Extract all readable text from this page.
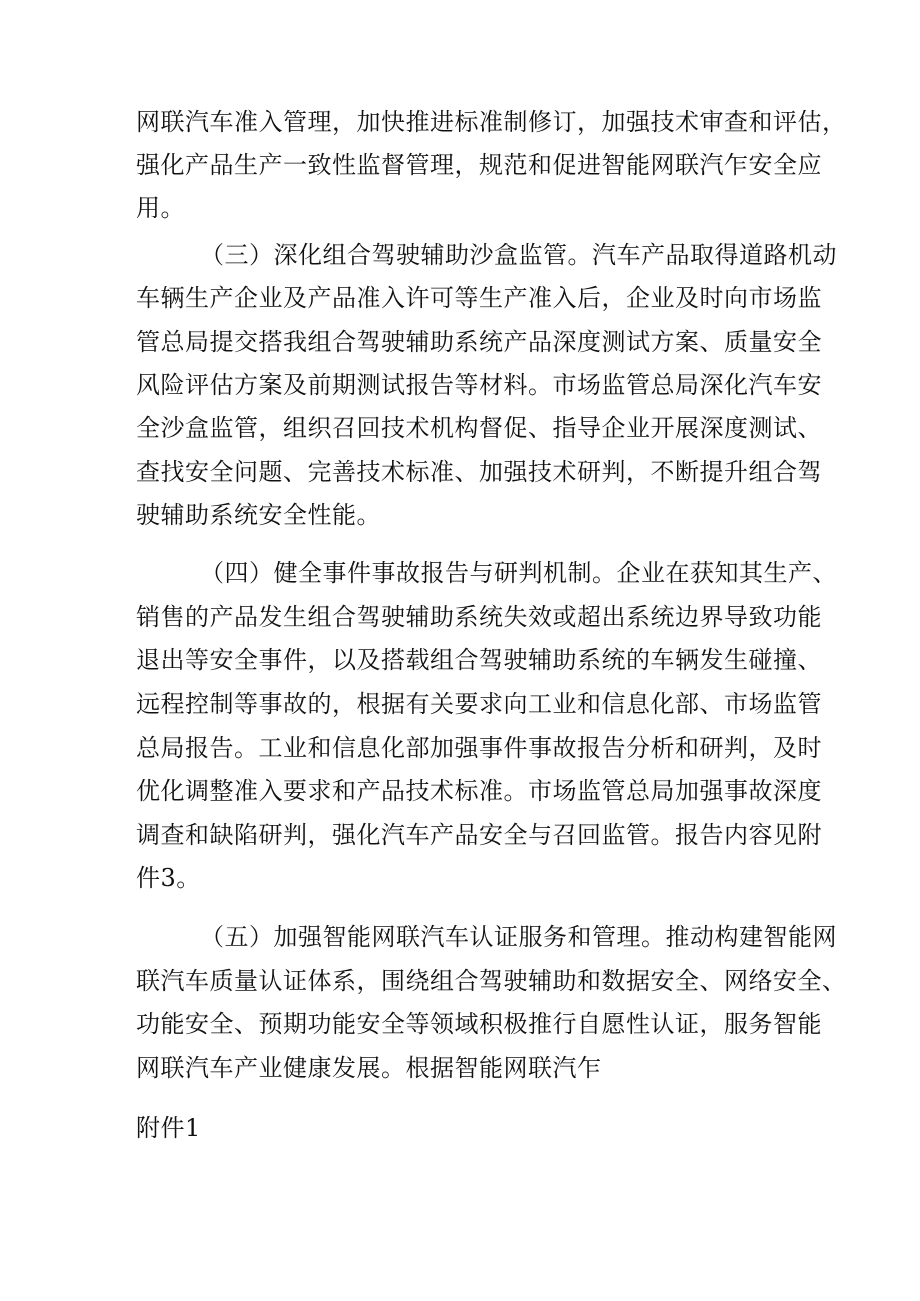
网联汽车准入管理，加快推进标准制修订，加强技术审查和评估，
强化产品生产一致性监督管理，规范和促进智能网联汽乍安全应
用。
（三）深化组合驾驶辅助沙盒监管。汽车产品取得道路机动
车辆生产企业及产品准入许可等生产准入后，企业及时向市场监
管总局提交搭我组合驾驶辅助系统产品深度测试方案、质量安全
风险评估方案及前期测试报告等材料。市场监管总局深化汽车安
全沙盒监管，组织召回技术机构督促、指导企业开展深度测试、
查找安全问题、完善技术标准、加强技术研判，不断提升组合驾
驶辅助系统安全性能。
（四）健全事件事故报告与研判机制。企业在获知其生产、
销售的产品发生组合驾驶辅助系统失效或超出系统边界导致功能
退出等安全事件，以及搭载组合驾驶辅助系统的车辆发生碰撞、
远程控制等事故的，根据有关要求向工业和信息化部、市场监管
总局报告。工业和信息化部加强事件事故报告分析和研判，及时
优化调整准入要求和产品技术标准。市场监管总局加强事故深度
调查和缺陷研判，强化汽车产品安全与召回监管。报告内容见附
件3。
（五）加强智能网联汽车认证服务和管理。推动构建智能网
联汽车质量认证体系，围绕组合驾驶辅助和数据安全、网络安全、
功能安全、预期功能安全等领域积极推行自愿性认证，服务智能
网联汽车产业健康发展。根据智能网联汽乍
附件1
